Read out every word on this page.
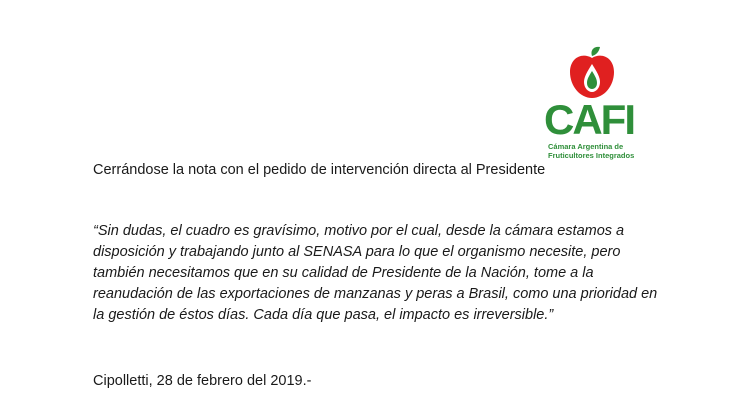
CAFI
Cámara Argentina de
Fruticultores Integrados
Cerrándose la nota con el pedido de intervención directa al Presidente
“Sin dudas, el cuadro es gravísimo, motivo por el cual, desde la cámara estamos a
disposición y trabajando junto al SENASA para lo que el organismo necesite, pero
también necesitamos que en su calidad de Presidente de la Nación, tome a la
reanudación de las exportaciones de manzanas y peras a Brasil, como una prioridad en
la gestión de éstos días. Cada día que pasa, el impacto es irreversible.”
Cipolletti, 28 de febrero del 2019.-
